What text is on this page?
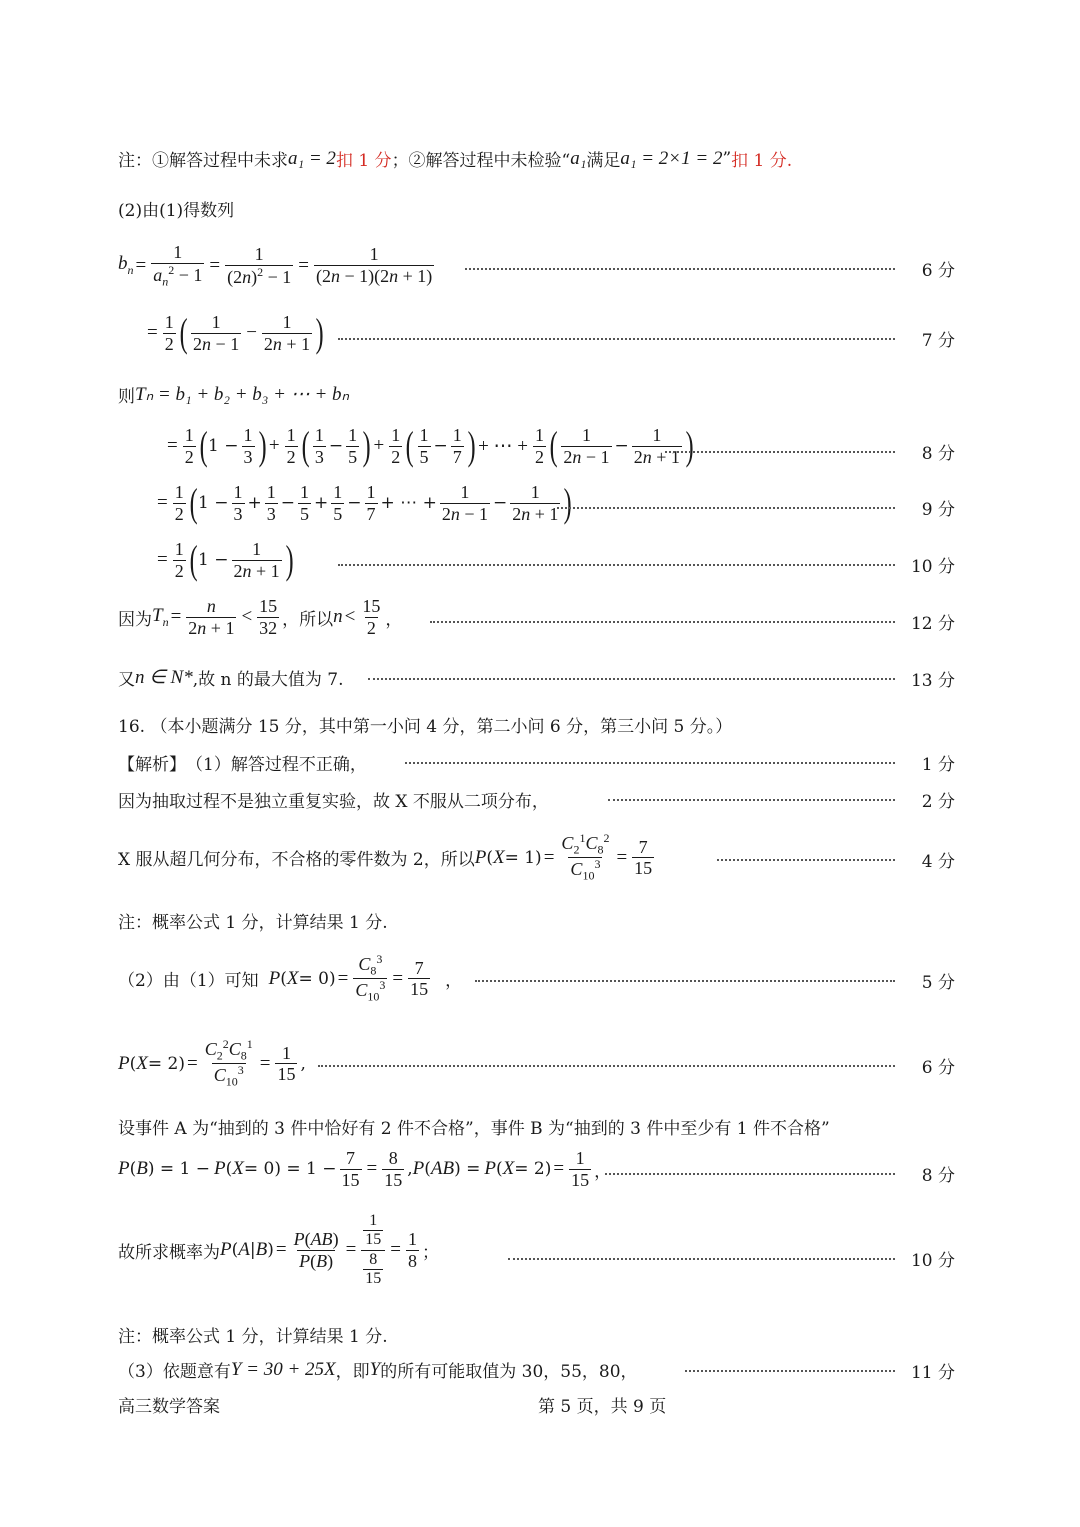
注：①解答过程中未求 a₁ = 2 扣 1 分 ；②解答过程中未检验“ a₁ 满足 a₁ = 2×1 = 2 ” 扣 1 分.
(2)由(1)得数列
$b_n = \frac{1}{a_n^2 - 1} = \frac{1}{(2n)^2 - 1} = \frac{1}{(2n - 1)(2n + 1)}$	6 分
= $\frac{1}{2}$ ( $\frac{1}{2n - 1} - \frac{1}{2n + 1}$ )	7 分
则 Tₙ = b₁ + b₂ + b₃ + ⋯ + bₙ
= $\frac{1}{2}$ ( $1 - \frac{1}{3}$ ) + $\frac{1}{2}$ ( $\frac{1}{3} - \frac{1}{5}$ ) + $\frac{1}{2}$ ( $\frac{1}{5} - \frac{1}{7}$ ) + ⋯ + $\frac{1}{2}$ ( $\frac{1}{2n - 1} - \frac{1}{2n + 1}$ )	8 分
= $\frac{1}{2}$ ( $1 - \frac{1}{3} + \frac{1}{3} - \frac{1}{5} + \frac{1}{5} - \frac{1}{7}$ + ⋯ + $\frac{1}{2n - 1} - \frac{1}{2n + 1}$ )	9 分
= $\frac{1}{2}$ ( $1 - \frac{1}{2n + 1}$ )	10 分
因为 $T_n = \frac{n}{2n + 1} < \frac{15}{32}$ ，所以 $n < \frac{15}{2}$ ，	12 分
又 n ∈ N* ,故 n 的最大值为 7.	13 分
16. （本小题满分 15 分，其中第一小问 4 分，第二小问 6 分，第三小问 5 分。）
【解析】 （1）解答过程不正确，	1 分
因为抽取过程不是独立重复实验，故 X 不服从二项分布，	2 分
X 服从超几何分布，不合格的零件数为 2，所以 P ( $X = 1) = \frac{C_2^1C_8^2}{C_{10}^3} = \frac{7}{15}$	4 分
注：概率公式 1 分，计算结果 1 分.
（2）由（1）可知 P ( $X = 0) = \frac{C_8^3}{C_{10}^3} = \frac{7}{15}$ ，	5 分
P ( $X = 2) = \frac{C_2^2C_8^1}{C_{10}^3} = \frac{1}{15}$ ,	6 分
设事件 A 为“抽到的 3 件中恰好有 2 件不合格”，事件 B 为“抽到的 3 件中至少有 1 件不合格”
P ( B ) = 1 − P ( $X = 0) = 1 - \frac{7}{15} = \frac{8}{15}$ , P ( AB ) = P ( $X = 2) = \frac{1}{15}$ ，	8 分
故所求概率为 P ( A | B ) = $\frac{P(AB)}{P(B)} = \frac{\frac{1}{15}}{\frac{8}{15}} = \frac{1}{8}$ ；	10 分
注：概率公式 1 分，计算结果 1 分.
（3）依题意有 Y = 30 + 25X ，即 Y 的所有可能取值为 30，55，80，	11 分
高三数学答案	第 5 页，共 9 页
